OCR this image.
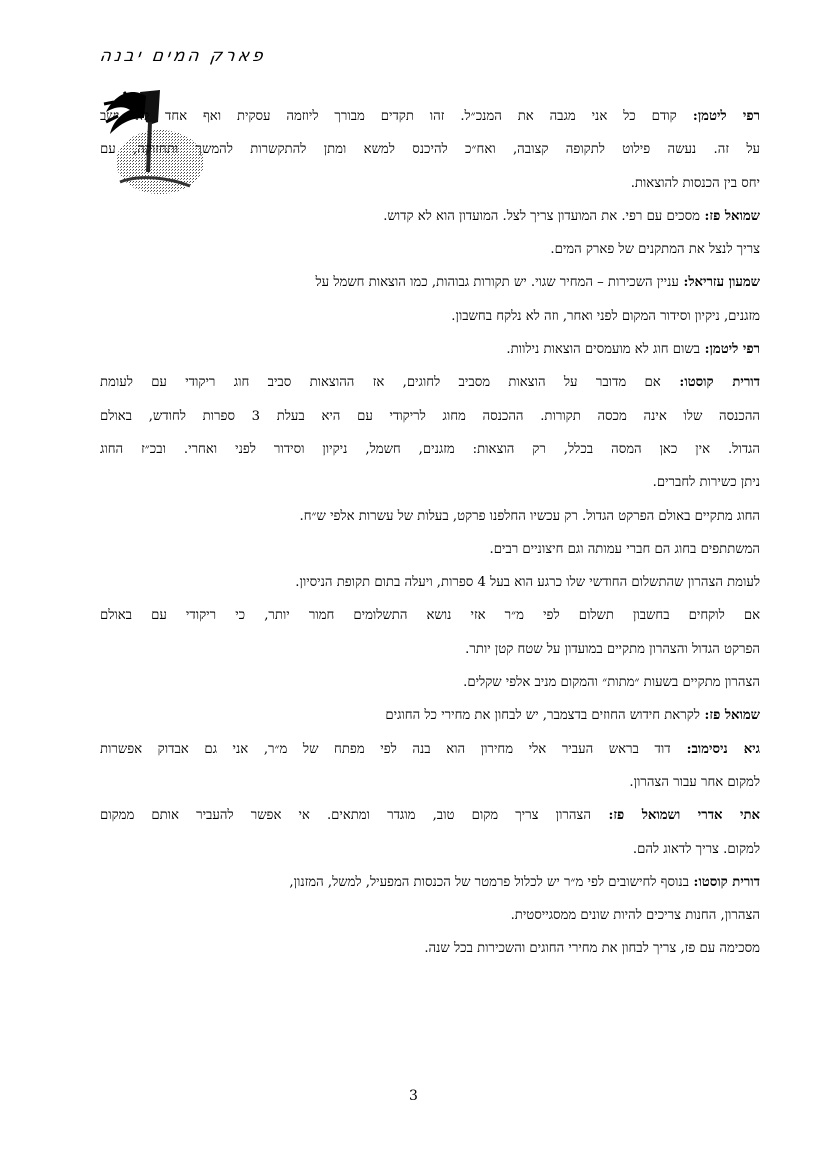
פארק המים יבנה
רפי ליטמן: קודם כל אני מגבה את המנכ״ל. זהו תקדים מבורך ליוזמה עסקית ואף אחד לא ישב
על זה. נעשה פילוט לתקופה קצובה, ואח״כ להיכנס למשא ומתן להתקשרות להמשך ותחזוקה, עם
יחס בין הכנסות להוצאות.
שמואל פז: מסכים עם רפי. את המועדון צריך לצל. המועדון הוא לא קדוש.
צריך לנצל את המתקנים של פארק המים.
שמעון עזריאל: עניין השכירות – המחיר שגוי. יש תקורות גבוהות, כמו הוצאות חשמל על
מזגנים, ניקיון וסידור המקום לפני ואחר, וזה לא נלקח בחשבון.
רפי ליטמן: בשום חוג לא מועמסים הוצאות נילוות.
דורית קוסטו: אם מדובר על הוצאות מסביב לחוגים, אז ההוצאות סביב חוג ריקודי עם לעומת
ההכנסה שלו אינה מכסה תקורות. ההכנסה מחוג לריקודי עם היא בעלת 3 ספרות לחודש, באולם
הגדול. אין כאן המסה בכלל, רק הוצאות: מזגנים, חשמל, ניקיון וסידור לפני ואחרי. ובכ״ז החוג
ניתן כשירות לחברים.
החוג מתקיים באולם הפרקט הגדול. רק עכשיו החלפנו פרקט, בעלות של עשרות אלפי ש״ח.
המשתתפים בחוג הם חברי עמותה וגם חיצוניים רבים.
לעומת הצהרון שהתשלום החודשי שלו כרגע הוא בעל 4 ספרות, ויעלה בתום תקופת הניסיון.
אם לוקחים בחשבון תשלום לפי מ״ר אזי נושא התשלומים חמור יותר, כי ריקודי עם באולם
הפרקט הגדול והצהרון מתקיים במועדון על שטח קטן יותר.
הצהרון מתקיים בשעות ״מתות״ והמקום מניב אלפי שקלים.
שמואל פז: לקראת חידוש החוזים בדצמבר, יש לבחון את מחירי כל החוגים
גיא ניסימוב: דוד בראש העביר אלי מחירון הוא בנה לפי מפתח של מ״ר, אני גם אבדוק אפשרות
למקום אחר עבור הצהרון.
אתי אדרי ושמואל פז: הצהרון צריך מקום טוב, מוגדר ומתאים. אי אפשר להעביר אותם ממקום
למקום. צריך לדאוג להם.
דורית קוסטו: בנוסף לחישובים לפי מ״ר יש לכלול פרמטר של הכנסות המפעיל, למשל, המזנון,
הצהרון, החנות צריכים להיות שונים ממסגייסטית.
מסכימה עם פז, צריך לבחון את מחירי החוגים והשכירות בכל שנה.
3
